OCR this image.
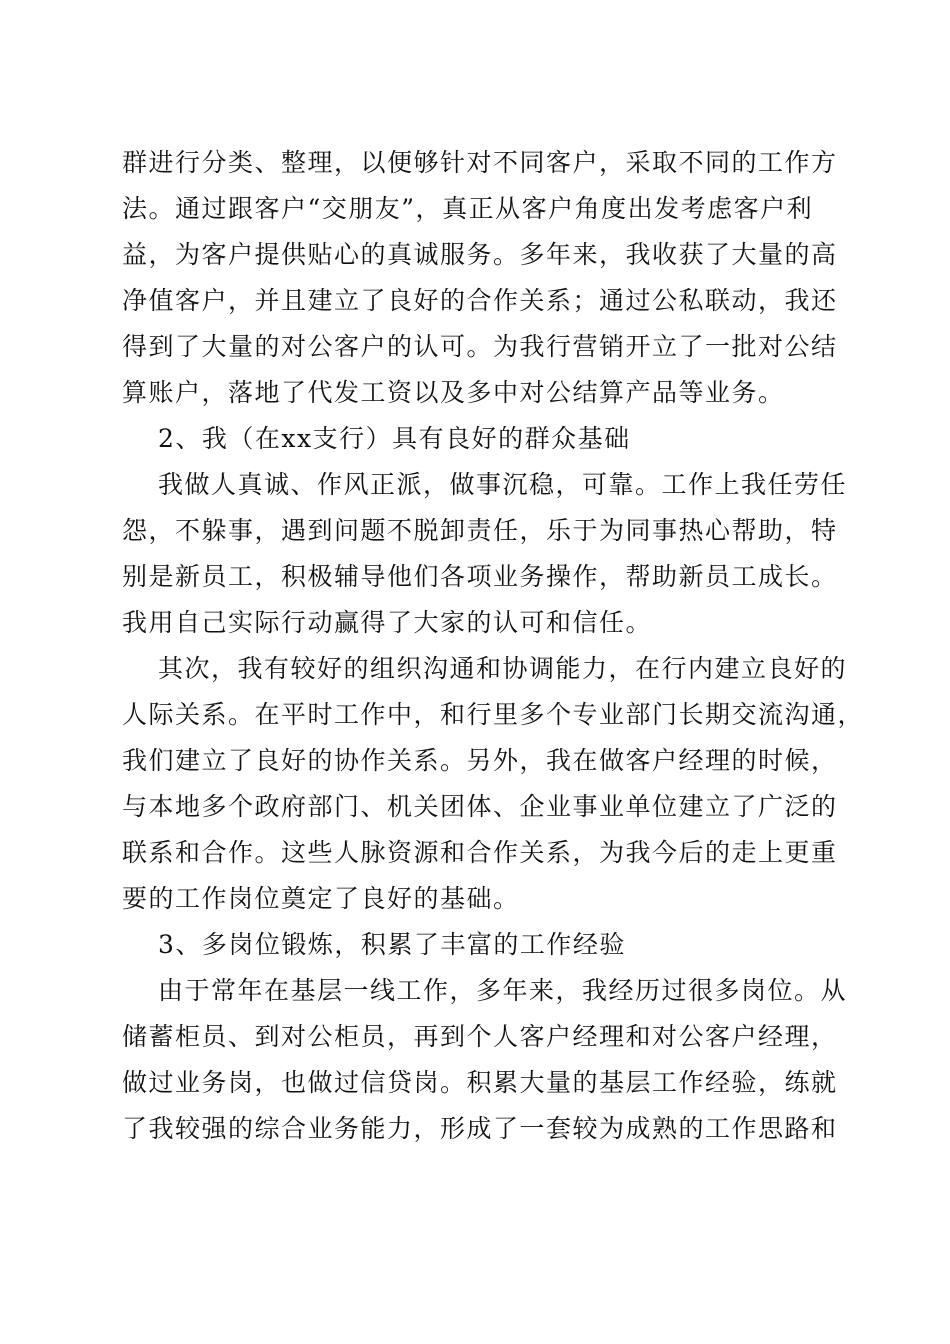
群进行分类、整理，以便够针对不同客户，采取不同的工作方
法。通过跟客户“交朋友”，真正从客户角度出发考虑客户利
益，为客户提供贴心的真诚服务。多年来，我收获了大量的高
净值客户，并且建立了良好的合作关系；通过公私联动，我还
得到了大量的对公客户的认可。为我行营销开立了一批对公结
算账户，落地了代发工资以及多中对公结算产品等业务。
2、我（在xx支行）具有良好的群众基础
我做人真诚、作风正派，做事沉稳，可靠。工作上我任劳任
怨，不躲事，遇到问题不脱卸责任，乐于为同事热心帮助，特
别是新员工，积极辅导他们各项业务操作，帮助新员工成长。
我用自己实际行动赢得了大家的认可和信任。
其次，我有较好的组织沟通和协调能力，在行内建立良好的
人际关系。在平时工作中，和行里多个专业部门长期交流沟通，
我们建立了良好的协作关系。另外，我在做客户经理的时候，
与本地多个政府部门、机关团体、企业事业单位建立了广泛的
联系和合作。这些人脉资源和合作关系，为我今后的走上更重
要的工作岗位奠定了良好的基础。
3、多岗位锻炼，积累了丰富的工作经验
由于常年在基层一线工作，多年来，我经历过很多岗位。从
储蓄柜员、到对公柜员，再到个人客户经理和对公客户经理，
做过业务岗，也做过信贷岗。积累大量的基层工作经验，练就
了我较强的综合业务能力，形成了一套较为成熟的工作思路和
